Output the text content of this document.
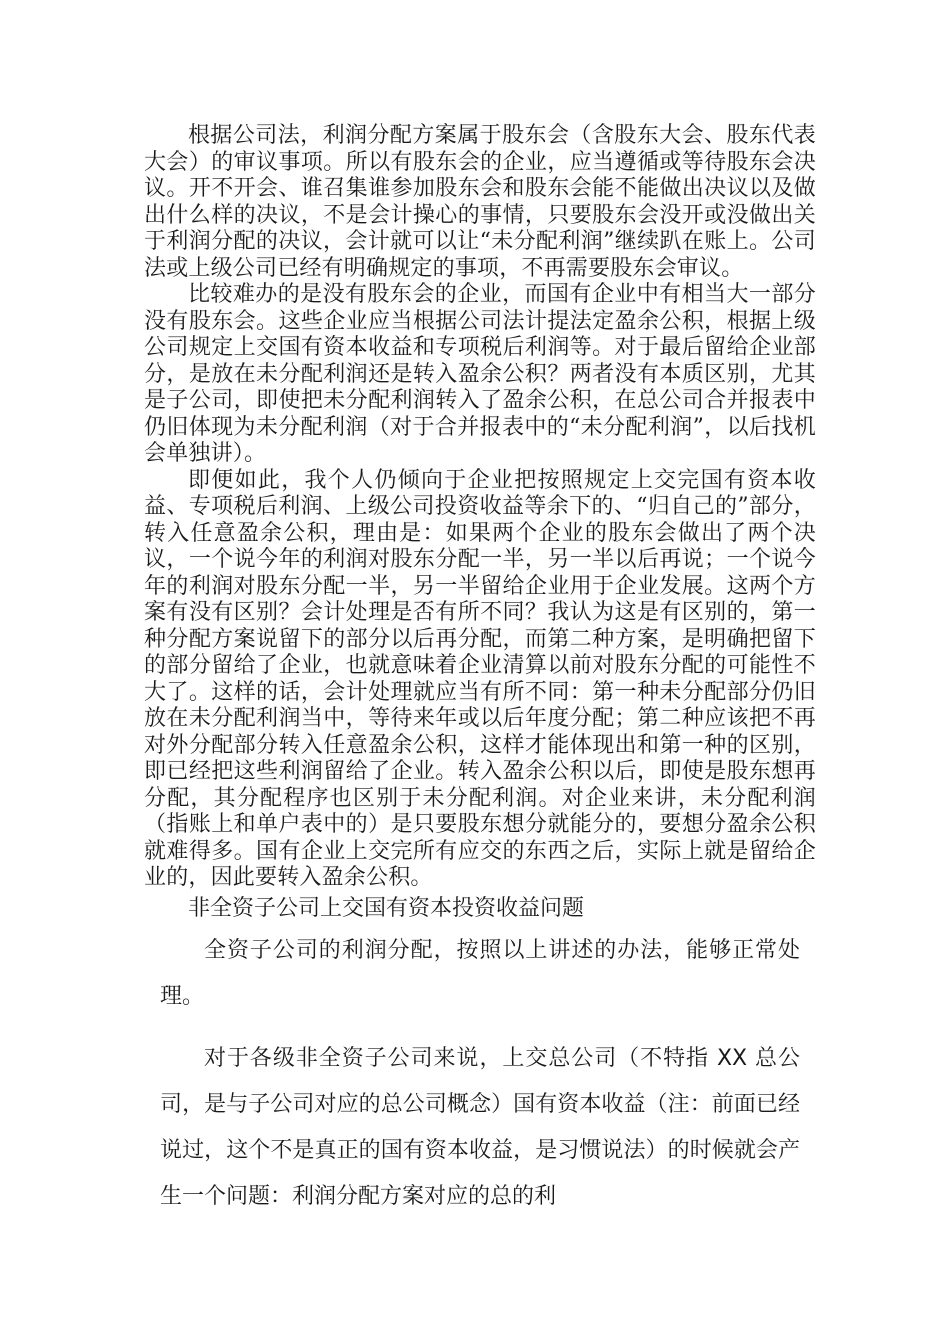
根据公司法，利润分配方案属于股东会（含股东大会、股东代表大会）的审议事项。所以有股东会的企业，应当遵循或等待股东会决议。开不开会、谁召集谁参加股东会和股东会能不能做出决议以及做出什么样的决议，不是会计操心的事情，只要股东会没开或没做出关于利润分配的决议，会计就可以让“未分配利润”继续趴在账上。公司法或上级公司已经有明确规定的事项，不再需要股东会审议。

比较难办的是没有股东会的企业，而国有企业中有相当大一部分没有股东会。这些企业应当根据公司法计提法定盈余公积，根据上级公司规定上交国有资本收益和专项税后利润等。对于最后留给企业部分，是放在未分配利润还是转入盈余公积？两者没有本质区别，尤其是子公司，即使把未分配利润转入了盈余公积，在总公司合并报表中仍旧体现为未分配利润（对于合并报表中的“未分配利润”，以后找机会单独讲）。

即便如此，我个人仍倾向于企业把按照规定上交完国有资本收益、专项税后利润、上级公司投资收益等余下的、“归自己的”部分，转入任意盈余公积，理由是：如果两个企业的股东会做出了两个决议，一个说今年的利润对股东分配一半，另一半以后再说；一个说今年的利润对股东分配一半，另一半留给企业用于企业发展。这两个方案有没有区别？会计处理是否有所不同？我认为这是有区别的，第一种分配方案说留下的部分以后再分配，而第二种方案，是明确把留下的部分留给了企业，也就意味着企业清算以前对股东分配的可能性不大了。这样的话，会计处理就应当有所不同：第一种未分配部分仍旧放在未分配利润当中，等待来年或以后年度分配；第二种应该把不再对外分配部分转入任意盈余公积，这样才能体现出和第一种的区别，即已经把这些利润留给了企业。转入盈余公积以后，即使是股东想再分配，其分配程序也区别于未分配利润。对企业来讲，未分配利润（指账上和单户表中的）是只要股东想分就能分的，要想分盈余公积就难得多。国有企业上交完所有应交的东西之后，实际上就是留给企业的，因此要转入盈余公积。

非全资子公司上交国有资本投资收益问题

全资子公司的利润分配，按照以上讲述的办法，能够正常处理。

对于各级非全资子公司来说，上交总公司（不特指 XX 总公司，是与子公司对应的总公司概念）国有资本收益（注：前面已经说过，这个不是真正的国有资本收益，是习惯说法）的时候就会产生一个问题：利润分配方案对应的总的利
